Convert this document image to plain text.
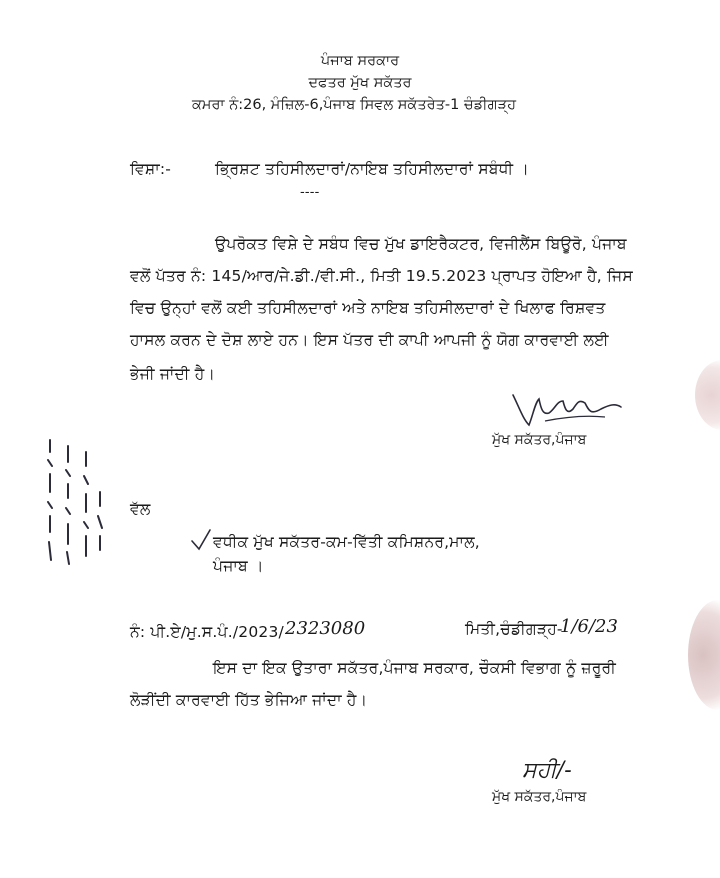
ਪੰਜਾਬ ਸਰਕਾਰ
ਦਫਤਰ ਮੁੱਖ ਸਕੱਤਰ
ਕਮਰਾ ਨੰ:26, ਮੰਜ਼ਿਲ-6,ਪੰਜਾਬ ਸਿਵਲ ਸਕੱਤਰੇਤ-1 ਚੰਡੀਗੜ੍ਹ
ਵਿਸ਼ਾ:-	ਭ੍ਰਿਸ਼ਟ ਤਹਿਸੀਲਦਾਰਾਂ/ਨਾਇਬ ਤਹਿਸੀਲਦਾਰਾਂ ਸਬੰਧੀ ।
----
ਉਪਰੋਕਤ ਵਿਸ਼ੇ ਦੇ ਸਬੰਧ ਵਿਚ ਮੁੱਖ ਡਾਇਰੈਕਟਰ, ਵਿਜੀਲੈਂਸ ਬਿਊਰੋ, ਪੰਜਾਬ
ਵਲੋਂ ਪੱਤਰ ਨੰ: 145/ਆਰ/ਜੇ.ਡੀ./ਵੀ.ਸੀ., ਮਿਤੀ 19.5.2023 ਪ੍ਰਾਪਤ ਹੋਇਆ ਹੈ, ਜਿਸ
ਵਿਚ ਉਨ੍ਹਾਂ ਵਲੋਂ ਕਈ ਤਹਿਸੀਲਦਾਰਾਂ ਅਤੇ ਨਾਇਬ ਤਹਿਸੀਲਦਾਰਾਂ ਦੇ ਖਿਲਾਫ ਰਿਸ਼ਵਤ
ਹਾਸਲ ਕਰਨ ਦੇ ਦੋਸ਼ ਲਾਏ ਹਨ। ਇਸ ਪੱਤਰ ਦੀ ਕਾਪੀ ਆਪਜੀ ਨੂੰ ਯੋਗ ਕਾਰਵਾਈ ਲਈ
ਭੇਜੀ ਜਾਂਦੀ ਹੈ।
ਮੁੱਖ ਸਕੱਤਰ,ਪੰਜਾਬ
ਵੱਲ
ਵਧੀਕ ਮੁੱਖ ਸਕੱਤਰ-ਕਮ-ਵਿੱਤੀ ਕਮਿਸ਼ਨਰ,ਮਾਲ,
ਪੰਜਾਬ ।
ਨੰ: ਪੀ.ਏ/ਮੁ.ਸ.ਪੰ./2023/ 2323080	ਮਿਤੀ,ਚੰਡੀਗੜ੍ਹ-
1/6/23
ਇਸ ਦਾ ਇਕ ਉਤਾਰਾ ਸਕੱਤਰ,ਪੰਜਾਬ ਸਰਕਾਰ, ਚੌਕਸੀ ਵਿਭਾਗ ਨੂੰ ਜ਼ਰੂਰੀ
ਲੋੜੀਂਦੀ ਕਾਰਵਾਈ ਹਿੱਤ ਭੇਜਿਆ ਜਾਂਦਾ ਹੈ।
ਸਹੀ/-
ਮੁੱਖ ਸਕੱਤਰ,ਪੰਜਾਬ
